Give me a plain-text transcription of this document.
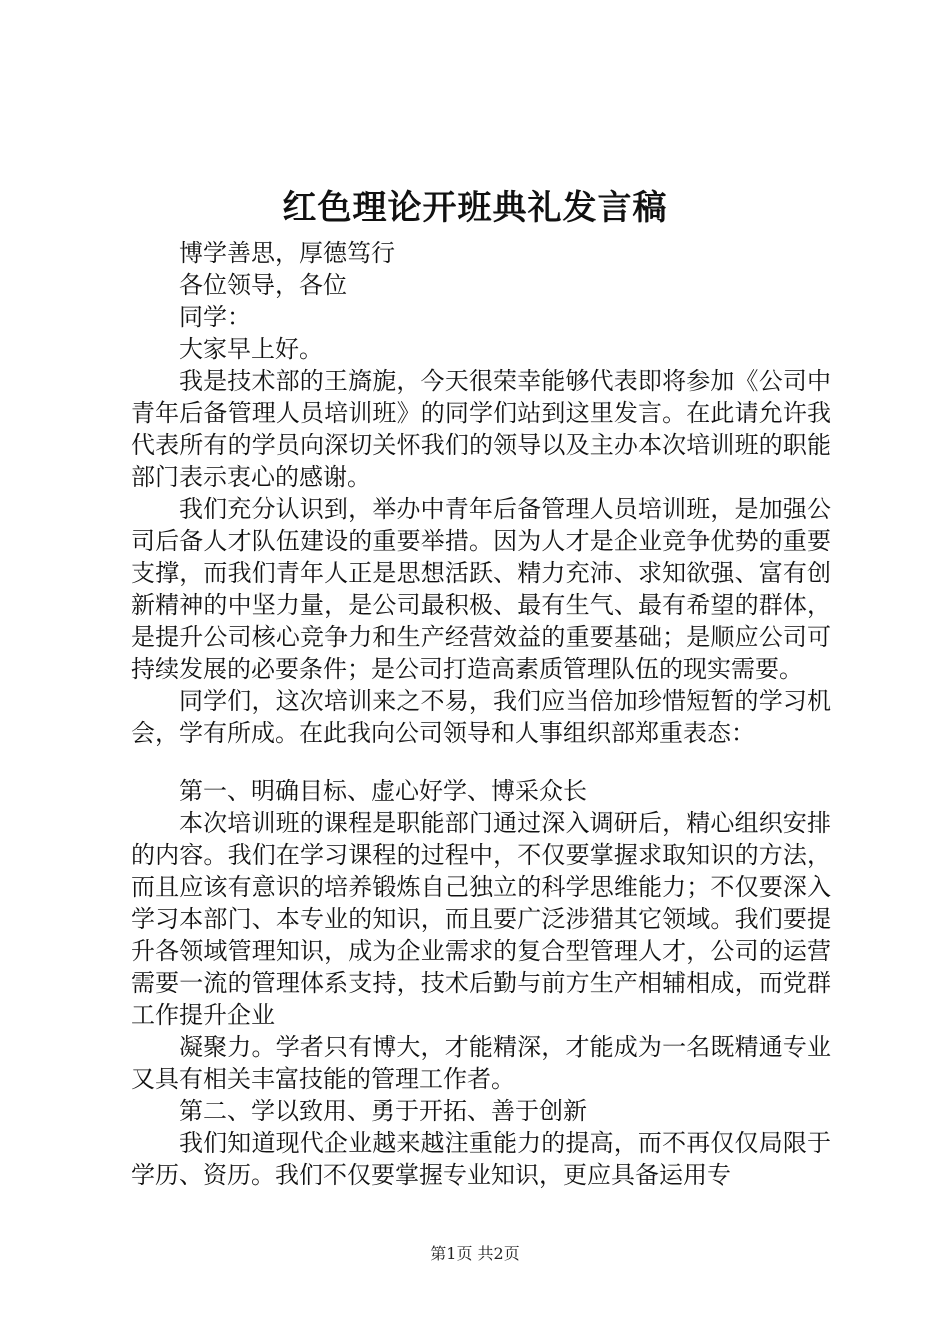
红色理论开班典礼发言稿

博学善思，厚德笃行

各位领导，各位

同学：

大家早上好。

我是技术部的王旖旎，今天很荣幸能够代表即将参加《公司中青年后备管理人员培训班》的同学们站到这里发言。在此请允许我代表所有的学员向深切关怀我们的领导以及主办本次培训班的职能部门表示衷心的感谢。

我们充分认识到，举办中青年后备管理人员培训班，是加强公司后备人才队伍建设的重要举措。因为人才是企业竞争优势的重要支撑，而我们青年人正是思想活跃、精力充沛、求知欲强、富有创新精神的中坚力量，是公司最积极、最有生气、最有希望的群体，是提升公司核心竞争力和生产经营效益的重要基础；是顺应公司可持续发展的必要条件；是公司打造高素质管理队伍的现实需要。

同学们，这次培训来之不易，我们应当倍加珍惜短暂的学习机会，学有所成。在此我向公司领导和人事组织部郑重表态：

第一、明确目标、虚心好学、博采众长

本次培训班的课程是职能部门通过深入调研后，精心组织安排的内容。我们在学习课程的过程中，不仅要掌握求取知识的方法，而且应该有意识的培养锻炼自己独立的科学思维能力；不仅要深入学习本部门、本专业的知识，而且要广泛涉猎其它领域。我们要提升各领域管理知识，成为企业需求的复合型管理人才，公司的运营需要一流的管理体系支持，技术后勤与前方生产相辅相成，而党群工作提升企业

凝聚力。学者只有博大，才能精深，才能成为一名既精通专业又具有相关丰富技能的管理工作者。

第二、学以致用、勇于开拓、善于创新

我们知道现代企业越来越注重能力的提高，而不再仅仅局限于学历、资历。我们不仅要掌握专业知识，更应具备运用专

第1页 共2页
